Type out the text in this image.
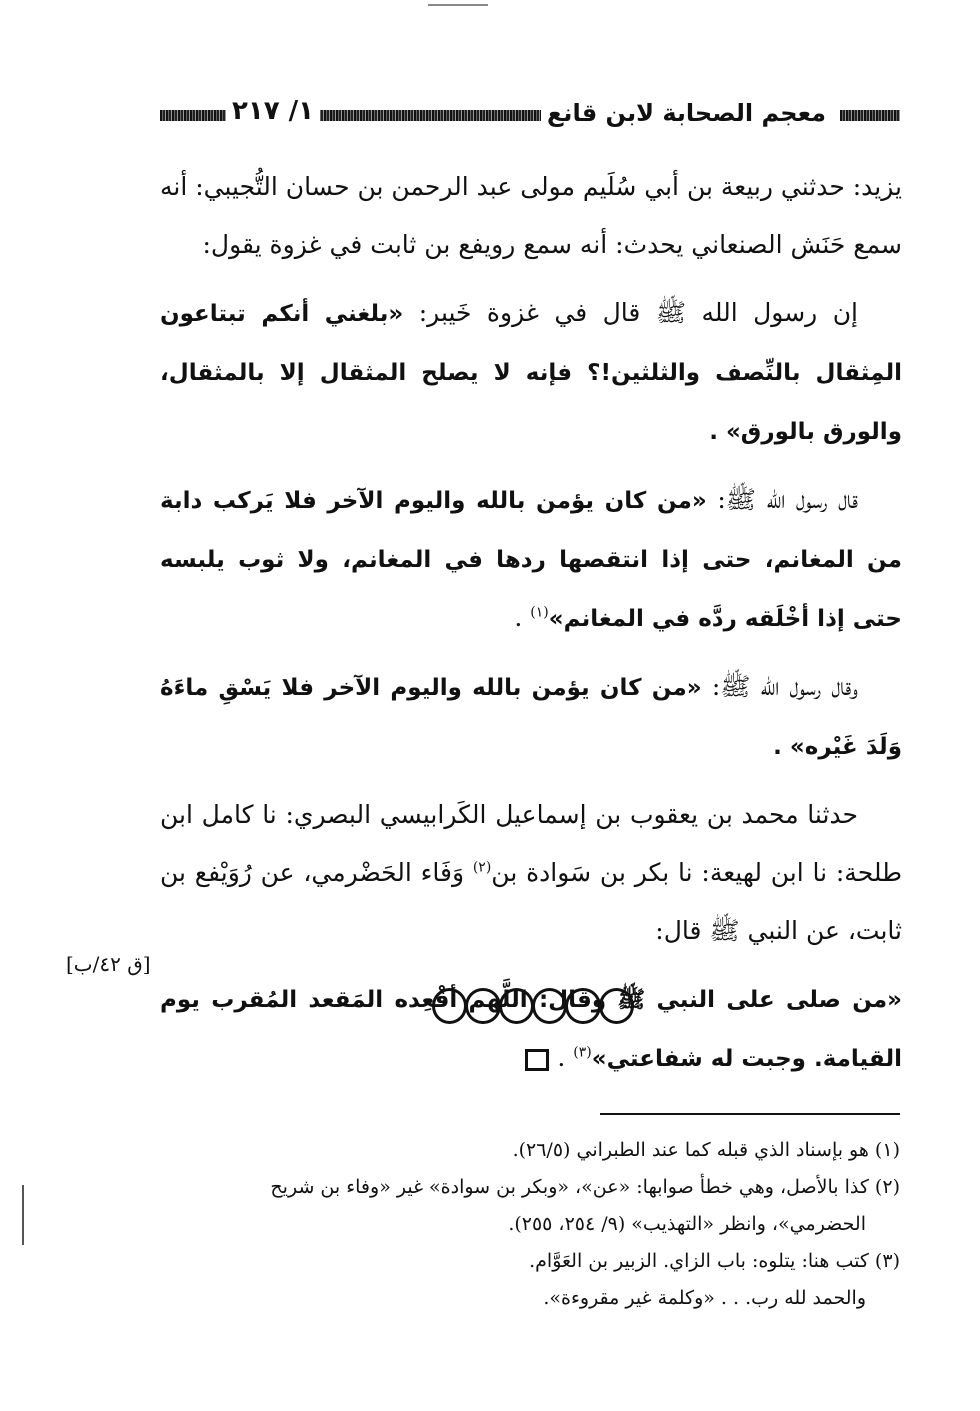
معجم الصحابة لابن قانع
١/ ٢١٧

يزيد: حدثني ربيعة بن أبي سُلَيم مولى عبد الرحمن بن حسان التُّجيبي: أنه سمع حَنَش الصنعاني يحدث: أنه سمع رويفع بن ثابت في غزوة يقول:

إن رسول الله ﷺ قال في غزوة خَيبر: «بلغني أنكم تبتاعون المِثقال بالنِّصف والثلثين!؟ فإنه لا يصلح المثقال إلا بالمثقال، والورق بالورق» .

قال رسول الله ﷺ: «من كان يؤمن بالله واليوم الآخر فلا يَركب دابة من المغانم، حتى إذا انتقصها ردها في المغانم، ولا ثوب يلبسه حتى إذا أخْلَقه ردَّه في المغانم»$^{(١)}$ .

وقال رسول الله ﷺ: «من كان يؤمن بالله واليوم الآخر فلا يَسْقِ ماءَهُ وَلَدَ غَيْره» .

حدثنا محمد بن يعقوب بن إسماعيل الكَرابيسي البصري: نا كامل ابن طلحة: نا ابن لهيعة: نا بكر بن سَوادة بن$^{(٢)}$ وَفَاء الحَضْرمي، عن رُوَيْفع بن ثابت، عن النبي ﷺ قال:

«من صلى على النبي ﷺ وقال: اللَّهم أقْعِده المَقعد المُقرب يوم القيامة. وجبت له شفاعتي»$^{(٣)}$ .

[ق ٤٢/ب]

(١) هو بإسناد الذي قبله كما عند الطبراني (٢٦/٥).

(٢) كذا بالأصل، وهي خطأ صوابها: «عن»، «وبكر بن سوادة» غير «وفاء بن شريح

الحضرمي»، وانظر «التهذيب» (٩/ ٢٥٤، ٢٥٥).

(٣) كتب هنا: يتلوه: باب الزاي. الزبير بن العَوَّام.

والحمد لله رب. . . «وكلمة غير مقروءة».
